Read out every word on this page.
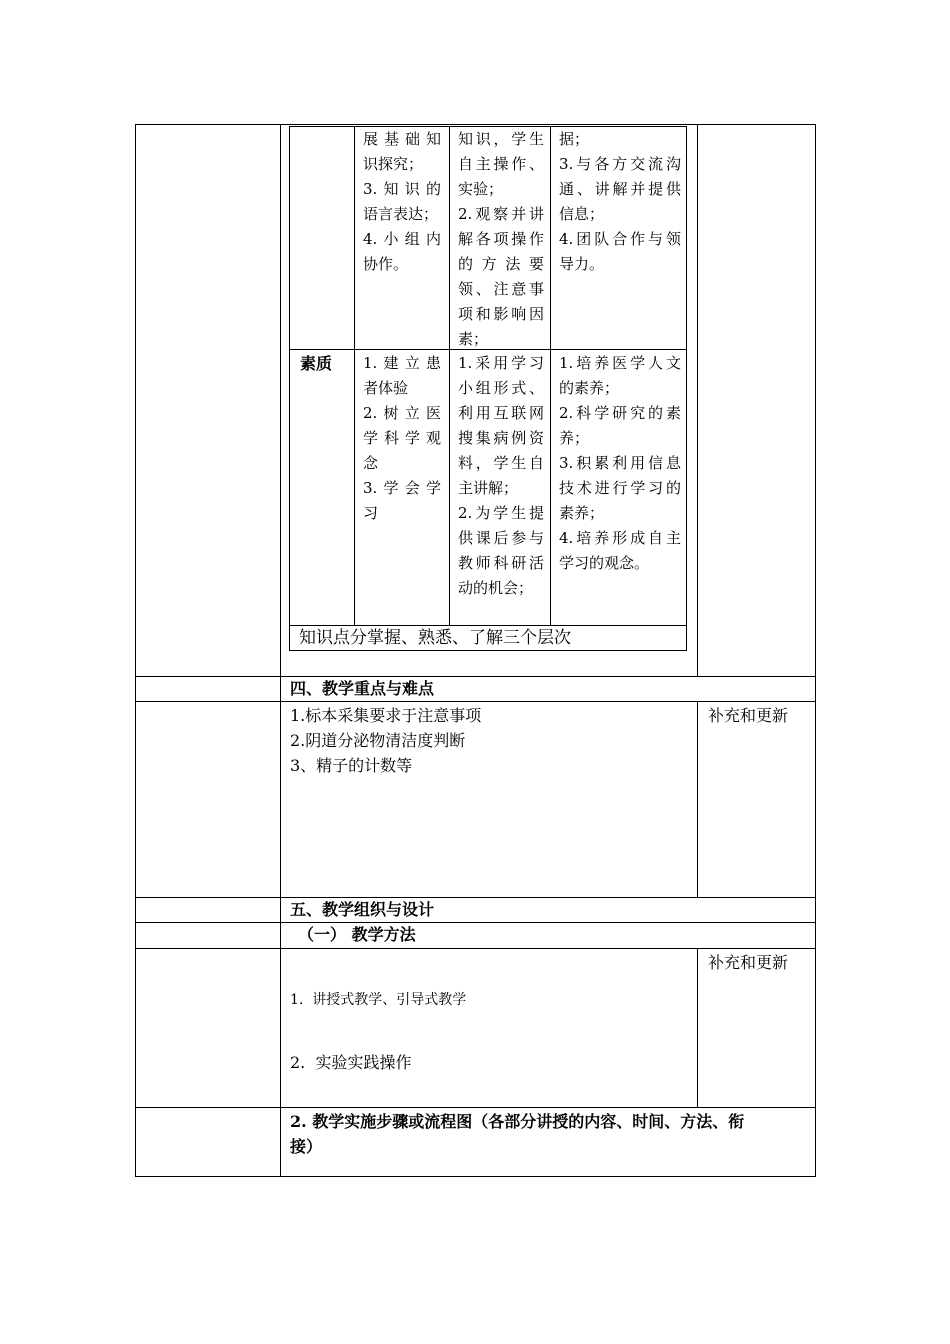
展基础知
识探究；
3.知识的
语言表达；
4.小组内
协作。
知识，学生
自主操作、
实验；
2.观察并讲
解各项操作
的方法要
领、注意事
项和影响因
素；
据；
3.与各方交流沟
通、讲解并提供
信息；
4.团队合作与领
导力。
素质 1.建立患
者体验
2.树立医
学科学观
念
3.学会学
习
1.采用学习
小组形式、
利用互联网
搜集病例资
料，学生自
主讲解；
2.为学生提
供课后参与
教师科研活
动的机会；
1.培养医学人文
的素养；
2.科学研究的素
养；
3.积累利用信息
技术进行学习的
素养；
4.培养形成自主
学习的观念。
知识点分掌握、熟悉、了解三个层次
四、教学重点与难点
1.标本采集要求于注意事项
2.阴道分泌物清洁度判断
3、精子的计数等
补充和更新
五、教学组织与设计
（一） 教学方法

1.  讲授式教学、引导式教学

2.  实验实践操作

补充和更新
2. 教学实施步骤或流程图（各部分讲授的内容、时间、方法、衔
接）
